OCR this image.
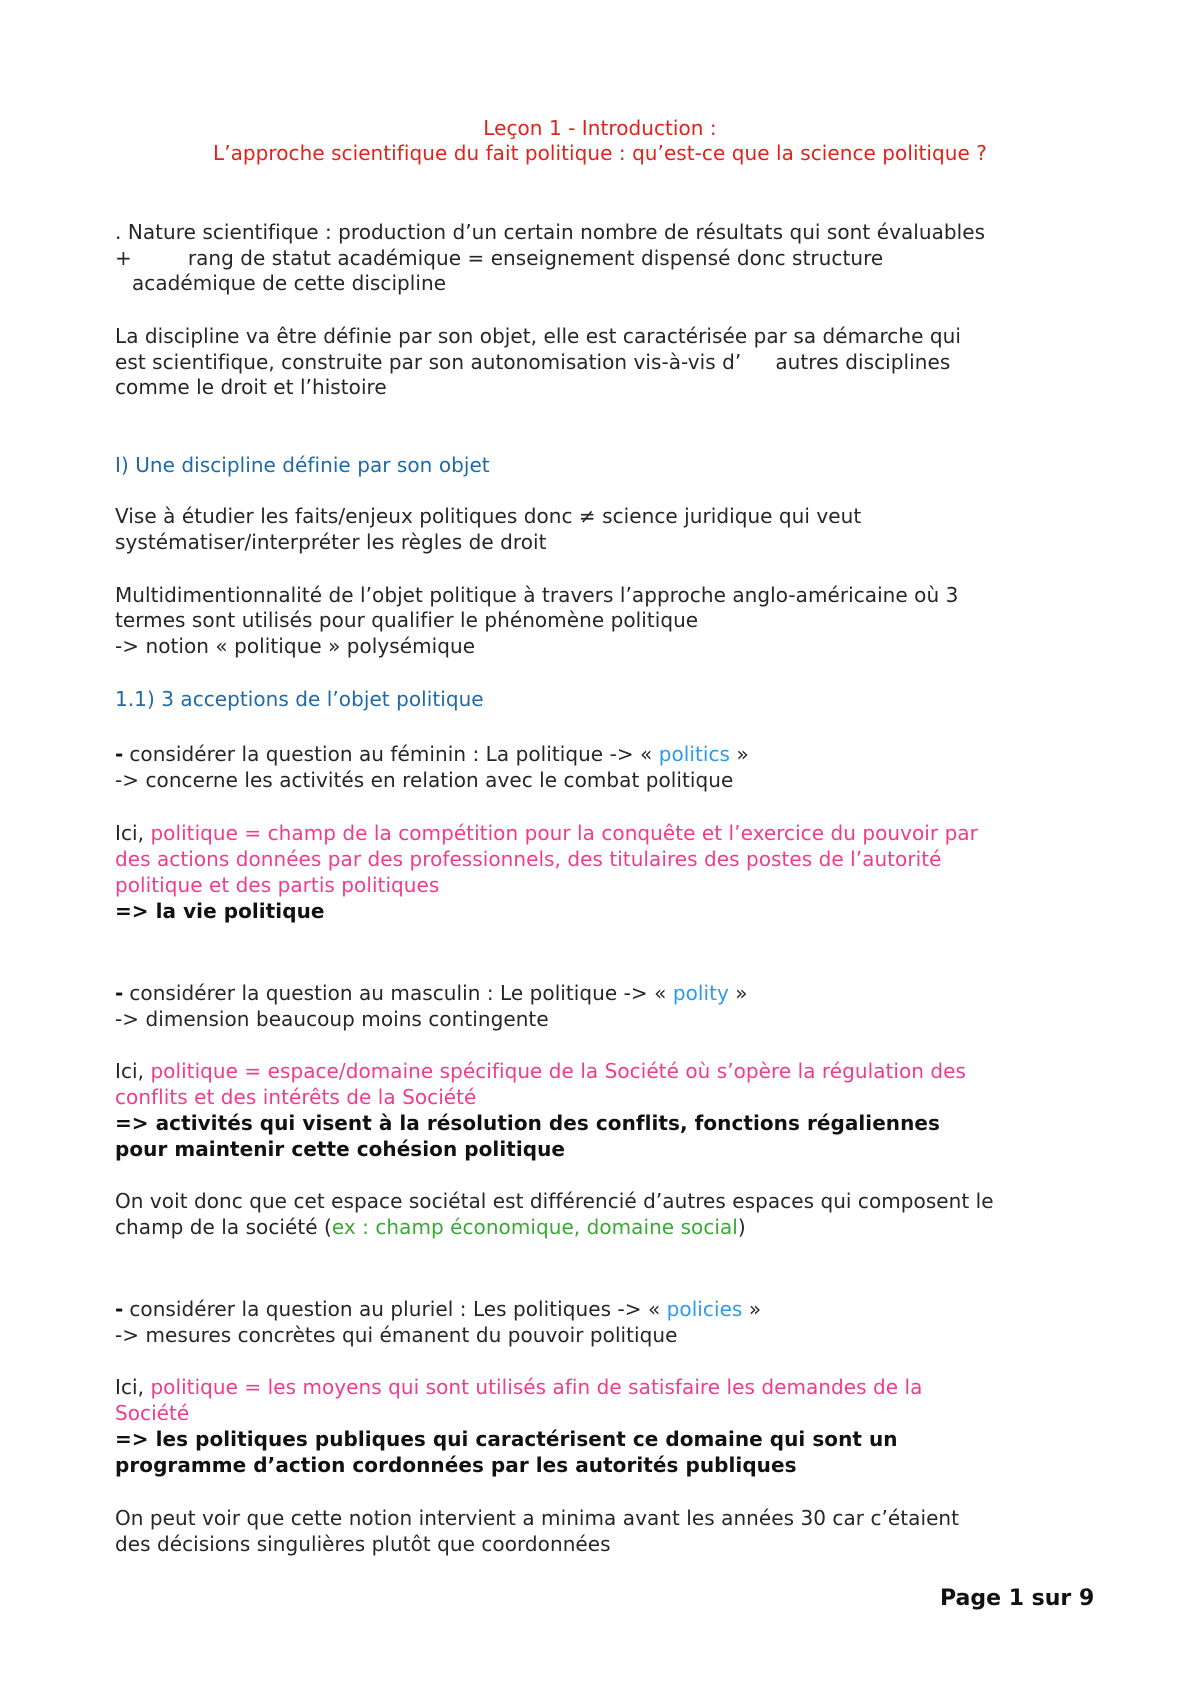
Leçon 1 - Introduction :
L’approche scientifique du fait politique : qu’est-ce que la science politique ?
. Nature scientifique : production d’un certain nombre de résultats qui sont évaluables
+	rang de statut académique = enseignement dispensé donc structure
académique de cette discipline
La discipline va être définie par son objet, elle est caractérisée par sa démarche qui
est scientifique, construite par son autonomisation vis-à-vis d’ autres disciplines
comme le droit et l’histoire
I) Une discipline définie par son objet
Vise à étudier les faits/enjeux politiques donc ≠ science juridique qui veut
systématiser/interpréter les règles de droit
Multidimentionnalité de l’objet politique à travers l’approche anglo-américaine où 3
termes sont utilisés pour qualifier le phénomène politique
-> notion « politique » polysémique
1.1) 3 acceptions de l’objet politique
- considérer la question au féminin : La politique -> « politics »
-> concerne les activités en relation avec le combat politique
Ici, politique = champ de la compétition pour la conquête et l’exercice du pouvoir par
des actions données par des professionnels, des titulaires des postes de l’autorité
politique et des partis politiques
=> la vie politique
- considérer la question au masculin : Le politique -> « polity »
-> dimension beaucoup moins contingente
Ici, politique = espace/domaine spécifique de la Société où s’opère la régulation des
conflits et des intérêts de la Société
=> activités qui visent à la résolution des conflits, fonctions régaliennes
pour maintenir cette cohésion politique
On voit donc que cet espace sociétal est différencié d’autres espaces qui composent le
champ de la société (ex : champ économique, domaine social)
- considérer la question au pluriel : Les politiques -> « policies »
-> mesures concrètes qui émanent du pouvoir politique
Ici, politique = les moyens qui sont utilisés afin de satisfaire les demandes de la
Société
=> les politiques publiques qui caractérisent ce domaine qui sont un
programme d’action cordonnées par les autorités publiques
On peut voir que cette notion intervient a minima avant les années 30 car c’étaient
des décisions singulières plutôt que coordonnées
Page 1 sur 9
